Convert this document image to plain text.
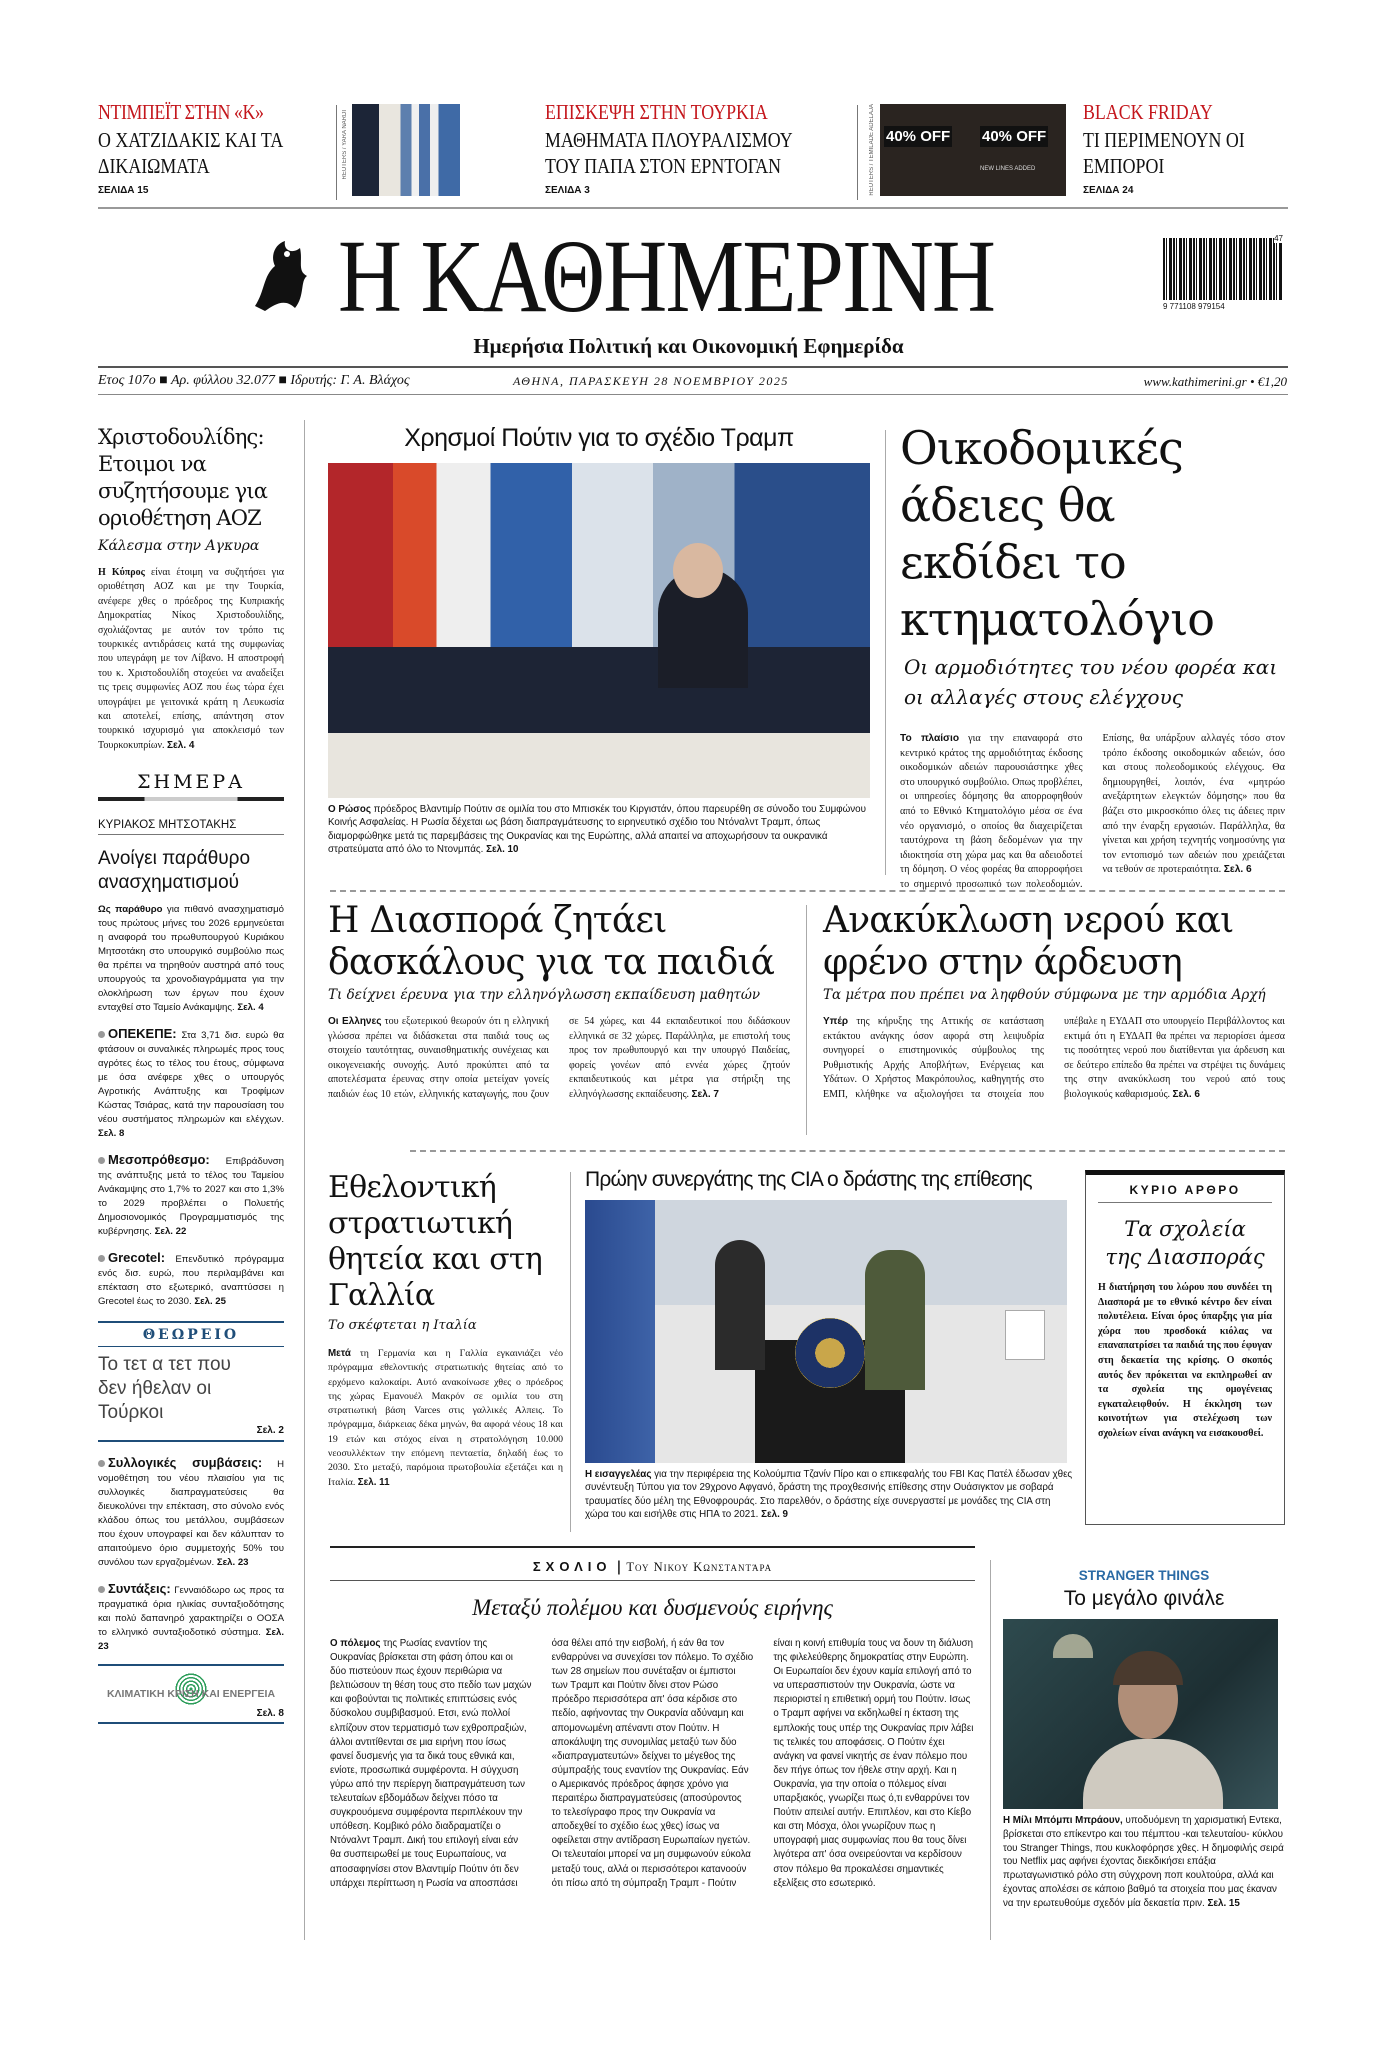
ΝΤΙΜΠΕΪΤ ΣΤΗΝ «Κ»
Ο ΧΑΤΖΙΔΑΚΙΣ ΚΑΙ ΤΑ ΔΙΚΑΙΩΜΑΤΑ
ΣΕΛΙΔΑ 15
REUTERS / YARA NARDI	ΕΠΙΣΚΕΨΗ ΣΤΗΝ ΤΟΥΡΚΙΑ
ΜΑΘΗΜΑΤΑ ΠΛΟΥΡΑΛΙΣΜΟΥ ΤΟΥ ΠΑΠΑ ΣΤΟΝ ΕΡΝΤΟΓΑΝ
ΣΕΛΙΔΑ 3	REUTERS / TEMILADE ADELAJA 40% OFF 40% OFF
NEW LINES ADDED
BLACK FRIDAY
ΤΙ ΠΕΡΙΜΕΝΟΥΝ ΟΙ ΕΜΠΟΡΟΙ
ΣΕΛΙΔΑ 24
Η ΚΑΘΗΜΕΡΙΝΗ	9 771108 979154
47
Ημερήσια Πολιτική και Οικονομική Εφημερίδα
Ετος 107ο ■ Αρ. φύλλου 32.077 ■ Ιδρυτής: Γ. Α. Βλάχος	ΑΘΗΝΑ, ΠΑΡΑΣΚΕΥΗ 28 ΝΟΕΜΒΡΙΟΥ 2025	www.kathimerini.gr • €1,20
Χριστοδουλίδης: Ετοιμοι να συζητήσουμε για οριοθέτηση ΑΟΖ
Κάλεσμα στην Αγκυρα

Η Κύπρος είναι έτοιμη να συζητήσει για οριοθέτηση ΑΟΖ και με την Τουρκία, ανέφερε χθες ο πρόεδρος της Κυπριακής Δημοκρατίας Νίκος Χριστοδουλίδης, σχολιάζοντας με αυτόν τον τρόπο τις τουρκικές αντιδράσεις κατά της συμφωνίας που υπεγράφη με τον Λίβανο. Η αποστροφή του κ. Χριστοδουλίδη στοχεύει να αναδείξει τις τρεις συμφωνίες ΑΟΖ που έως τώρα έχει υπογράψει με γειτονικά κράτη η Λευκωσία και αποτελεί, επίσης, απάντηση στον τουρκικό ισχυρισμό για αποκλεισμό των Τουρκοκυπρίων. Σελ. 4

ΣΗΜΕΡΑ
ΚΥΡΙΑΚΟΣ ΜΗΤΣΟΤΑΚΗΣ
Ανοίγει παράθυρο ανασχηματισμού

Ως παράθυρο για πιθανό ανασχηματισμό τους πρώτους μήνες του 2026 ερμηνεύεται η αναφορά του πρωθυπουργού Κυριάκου Μητσοτάκη στο υπουργικό συμβούλιο πως θα πρέπει να τηρηθούν αυστηρά από τους υπουργούς τα χρονοδιαγράμματα για την ολοκλήρωση των έργων που έχουν ενταχθεί στο Ταμείο Ανάκαμψης. Σελ. 4

ΟΠΕΚΕΠΕ: Στα 3,71 δισ. ευρώ θα φτάσουν οι συναλικές πληρωμές προς τους αγρότες έως το τέλος του έτους, σύμφωνα με όσα ανέφερε χθες ο υπουργός Αγροτικής Ανάπτυξης και Τροφίμων Κώστας Τσιάρας, κατά την παρουσίαση του νέου συστήματος πληρωμών και ελέγχων. Σελ. 8

Μεσοπρόθεσμο: Επιβράδυνση της ανάπτυξης μετά το τέλος του Ταμείου Ανάκαμψης στο 1,7% το 2027 και στο 1,3% το 2029 προβλέπει ο Πολυετής Δημοσιονομικός Προγραμματισμός της κυβέρνησης. Σελ. 22

Grecotel: Επενδυτικό πρόγραμμα ενός δισ. ευρώ, που περιλαμβάνει και επέκταση στο εξωτερικό, αναπτύσσει η Grecotel έως το 2030. Σελ. 25

ΘΕΩΡΕΙΟ
Το τετ α τετ που δεν ήθελαν οι Τούρκοι
Σελ. 2

Συλλογικές συμβάσεις: Η νομοθέτηση του νέου πλαισίου για τις συλλογικές διαπραγματεύσεις θα διευκολύνει την επέκταση, στο σύνολο ενός κλάδου όπως του μετάλλου, συμβάσεων που έχουν υπογραφεί και δεν κάλυπταν το απαιτούμενο όριο συμμετοχής 50% του συνόλου των εργαζομένων. Σελ. 23

Συντάξεις: Γενναιόδωρο ως προς τα πραγματικά όρια ηλικίας συνταξιοδότησης και πολύ δαπανηρό χαρακτηρίζει ο ΟΟΣΑ το ελληνικό συνταξιοδοτικό σύστημα. Σελ. 23

ΚΛΙΜΑΤΙΚΗ ΚΡΙΣΗ ΚΑΙ ΕΝΕΡΓΕΙΑ
Σελ. 8
Χρησμοί Πούτιν για το σχέδιο Τραμπ

Ο Ρώσος πρόεδρος Βλαντιμίρ Πούτιν σε ομιλία του στο Μπισκέκ του Κιργιστάν, όπου παρευρέθη σε σύνοδο του Συμφώνου Κοινής Ασφαλείας. Η Ρωσία δέχεται ως βάση διαπραγμάτευσης το ειρηνευτικό σχέδιο του Ντόναλντ Τραμπ, όπως διαμορφώθηκε μετά τις παρεμβάσεις της Ουκρανίας και της Ευρώπης, αλλά απαιτεί να αποχωρήσουν τα ουκρανικά στρατεύματα από όλο το Ντονμπάς. Σελ. 10

Οικοδομικές άδειες θα εκδίδει το κτηματολόγιο
Οι αρμοδιότητες του νέου φορέα και οι αλλαγές στους ελέγχους

Το πλαίσιο για την επαναφορά στο κεντρικό κράτος της αρμοδιότητας έκδοσης οικοδομικών αδειών παρουσιάστηκε χθες στο υπουργικό συμβούλιο. Οπως προβλέπει, οι υπηρεσίες δόμησης θα απορροφηθούν από το Εθνικό Κτηματολόγιο μέσα σε ένα νέο οργανισμό, ο οποίος θα διαχειρίζεται ταυτόχρονα τη βάση δεδομένων για την ιδιοκτησία στη χώρα μας και θα αδειοδοτεί τη δόμηση. Ο νέος φορέας θα απορροφήσει το σημερινό προσωπικό των πολεοδομιών. Επίσης, θα υπάρξουν αλλαγές τόσο στον τρόπο έκδοσης οικοδομικών αδειών, όσο και στους πολεοδομικούς ελέγχους. Θα δημιουργηθεί, λοιπόν, ένα «μητρώο ανεξάρτητων ελεγκτών δόμησης» που θα βάζει στο μικροσκόπιο όλες τις άδειες πριν από την έναρξη εργασιών. Παράλληλα, θα γίνεται και χρήση τεχνητής νοημοσύνης για τον εντοπισμό των αδειών που χρειάζεται να τεθούν σε προτεραιότητα. Σελ. 6

Η Διασπορά ζητάει δασκάλους για τα παιδιά
Τι δείχνει έρευνα για την ελληνόγλωσση εκπαίδευση μαθητών

Οι Ελληνες του εξωτερικού θεωρούν ότι η ελληνική γλώσσα πρέπει να διδάσκεται στα παιδιά τους ως στοιχείο ταυτότητας, συναισθηματικής συνέχειας και οικογενειακής συνοχής. Αυτό προκύπτει από τα αποτελέσματα έρευνας στην οποία μετείχαν γονείς παιδιών έως 10 ετών, ελληνικής καταγωγής, που ζουν σε 54 χώρες, και 44 εκπαιδευτικοί που διδάσκουν ελληνικά σε 32 χώρες. Παράλληλα, με επιστολή τους προς τον πρωθυπουργό και την υπουργό Παιδείας, φορείς γονέων από εννέα χώρες ζητούν εκπαιδευτικούς και μέτρα για στήριξη της ελληνόγλωσσης εκπαίδευσης. Σελ. 7

Ανακύκλωση νερού και φρένο στην άρδευση
Τα μέτρα που πρέπει να ληφθούν σύμφωνα με την αρμόδια Αρχή

Υπέρ της κήρυξης της Αττικής σε κατάσταση εκτάκτου ανάγκης όσον αφορά στη λειψυδρία συνηγορεί ο επιστημονικός σύμβουλος της Ρυθμιστικής Αρχής Αποβλήτων, Ενέργειας και Υδάτων. Ο Χρήστος Μακρόπουλος, καθηγητής στο ΕΜΠ, κλήθηκε να αξιολογήσει τα στοιχεία που υπέβαλε η ΕΥΔΑΠ στο υπουργείο Περιβάλλοντος και εκτιμά ότι η ΕΥΔΑΠ θα πρέπει να περιορίσει άμεσα τις ποσότητες νερού που διατίθενται για άρδευση και σε δεύτερο επίπεδο θα πρέπει να στρέψει τις δυνάμεις της στην ανακύκλωση του νερού από τους βιολογικούς καθαρισμούς. Σελ. 6

Εθελοντική στρατιωτική θητεία και στη Γαλλία
Το σκέφτεται η Ιταλία

Μετά τη Γερμανία και η Γαλλία εγκαινιάζει νέο πρόγραμμα εθελοντικής στρατιωτικής θητείας από το ερχόμενο καλοκαίρι. Αυτό ανακοίνωσε χθες ο πρόεδρος της χώρας Εμανουέλ Μακρόν σε ομιλία του στη στρατιωτική βάση Varces στις γαλλικές Αλπεις. Το πρόγραμμα, διάρκειας δέκα μηνών, θα αφορά νέους 18 και 19 ετών και στόχος είναι η στρατολόγηση 10.000 νεοσυλλέκτων την επόμενη πενταετία, δηλαδή έως το 2030. Στο μεταξύ, παρόμοια πρωτοβουλία εξετάζει και η Ιταλία. Σελ. 11

Πρώην συνεργάτης της CIA ο δράστης της επίθεσης

Η εισαγγελέας για την περιφέρεια της Κολούμπια Τζανίν Πίρο και ο επικεφαλής του FBI Κας Πατέλ έδωσαν χθες συνέντευξη Τύπου για τον 29χρονο Αφγανό, δράστη της προχθεσινής επίθεσης στην Ουάσιγκτον με σοβαρά τραυματίες δύο μέλη της Εθνοφρουράς. Στο παρελθόν, ο δράστης είχε συνεργαστεί με μονάδες της CIA στη χώρα του και εισήλθε στις ΗΠΑ το 2021. Σελ. 9

ΚΥΡΙΟ ΑΡΘΡΟ
Τα σχολεία της Διασποράς

Η διατήρηση του λώρου που συνδέει τη Διασπορά με το εθνικό κέντρο δεν είναι πολυτέλεια. Είναι όρος ύπαρξης για μία χώρα που προσδοκά κιόλας να επαναπατρίσει τα παιδιά της που έφυγαν στη δεκαετία της κρίσης. Ο σκοπός αυτός δεν πρόκειται να εκπληρωθεί αν τα σχολεία της ομογένειας εγκαταλειφθούν. Η έκκληση των κοινοτήτων για στελέχωση των σχολείων είναι ανάγκη να εισακουσθεί.

ΣΧΟΛΙΟ | Του Νικου Κωνσταντάρα
Μεταξύ πολέμου και δυσμενούς ειρήνης

Ο πόλεμος της Ρωσίας εναντίον της Ουκρανίας βρίσκεται στη φάση όπου και οι δύο πιστεύουν πως έχουν περιθώρια να βελτιώσουν τη θέση τους στο πεδίο των μαχών και φοβούνται τις πολιτικές επιπτώσεις ενός δύσκολου συμβιβασμού. Ετσι, ενώ πολλοί ελπίζουν στον τερματισμό των εχθροπραξιών, άλλοι αντιτίθενται σε μια ειρήνη που ίσως φανεί δυσμενής για τα δικά τους εθνικά και, ενίοτε, προσωπικά συμφέροντα. Η σύγχυση γύρω από την περίεργη διαπραγμάτευση των τελευταίων εβδομάδων δείχνει πόσο τα συγκρουόμενα συμφέροντα περιπλέκουν την υπόθεση. Κομβικό ρόλο διαδραματίζει ο Ντόναλντ Τραμπ. Δική του επιλογή είναι εάν θα συσπειρωθεί με τους Ευρωπαίους, να αποσαφηνίσει στον Βλαντιμίρ Πούτιν ότι δεν υπάρχει περίπτωση η Ρωσία να αποσπάσει όσα θέλει από την εισβολή, ή εάν θα τον ενθαρρύνει να συνεχίσει τον πόλεμο. Το σχέδιο των 28 σημείων που συνέταξαν οι έμπιστοι των Τραμπ και Πούτιν δίνει στον Ρώσο πρόεδρο περισσότερα απ' όσα κέρδισε στο πεδίο, αφήνοντας την Ουκρανία αδύναμη και απομονωμένη απέναντι στον Πούτιν. Η αποκάλυψη της συνομιλίας μεταξύ των δύο «διαπραγματευτών» δείχνει το μέγεθος της σύμπραξής τους εναντίον της Ουκρανίας. Εάν ο Αμερικανός πρόεδρος άφησε χρόνο για περαιτέρω διαπραγματεύσεις (αποσύροντος το τελεσίγραφο προς την Ουκρανία να αποδεχθεί το σχέδιο έως χθες) ίσως να οφείλεται στην αντίδραση Ευρωπαίων ηγετών. Οι τελευταίοι μπορεί να μη συμφωνούν εύκολα μεταξύ τους, αλλά οι περισσότεροι κατανοούν ότι πίσω από τη σύμπραξη Τραμπ - Πούτιν είναι η κοινή επιθυμία τους να δουν τη διάλυση της φιλελεύθερης δημοκρατίας στην Ευρώπη. Οι Ευρωπαίοι δεν έχουν καμία επιλογή από το να υπερασπιστούν την Ουκρανία, ώστε να περιοριστεί η επιθετική ορμή του Πούτιν. Ισως ο Τραμπ αφήνει να εκδηλωθεί η έκταση της εμπλοκής τους υπέρ της Ουκρανίας πριν λάβει τις τελικές του αποφάσεις. Ο Πούτιν έχει ανάγκη να φανεί νικητής σε έναν πόλεμο που δεν πήγε όπως τον ήθελε στην αρχή. Και η Ουκρανία, για την οποία ο πόλεμος είναι υπαρξιακός, γνωρίζει πως ό,τι ενθαρρύνει τον Πούτιν απειλεί αυτήν. Επιπλέον, και στο Κίεβο και στη Μόσχα, όλοι γνωρίζουν πως η υπογραφή μιας συμφωνίας που θα τους δίνει λιγότερα απ' όσα ονειρεύονται να κερδίσουν στον πόλεμο θα προκαλέσει σημαντικές εξελίξεις στο εσωτερικό.

STRANGER THINGS
Το μεγάλο φινάλε

Η Μίλι Μπόμπι Μπράουν, υποδυόμενη τη χαρισματική Εντεκα, βρίσκεται στο επίκεντρο και του πέμπτου -και τελευταίου- κύκλου του Stranger Things, που κυκλοφόρησε χθες. Η δημοφιλής σειρά του Netflix μας αφήνει έχοντας διεκδικήσει επάξια πρωταγωνιστικό ρόλο στη σύγχρονη ποπ κουλτούρα, αλλά και έχοντας απολέσει σε κάποιο βαθμό τα στοιχεία που μας έκαναν να την ερωτευθούμε σχεδόν μία δεκαετία πριν. Σελ. 15
